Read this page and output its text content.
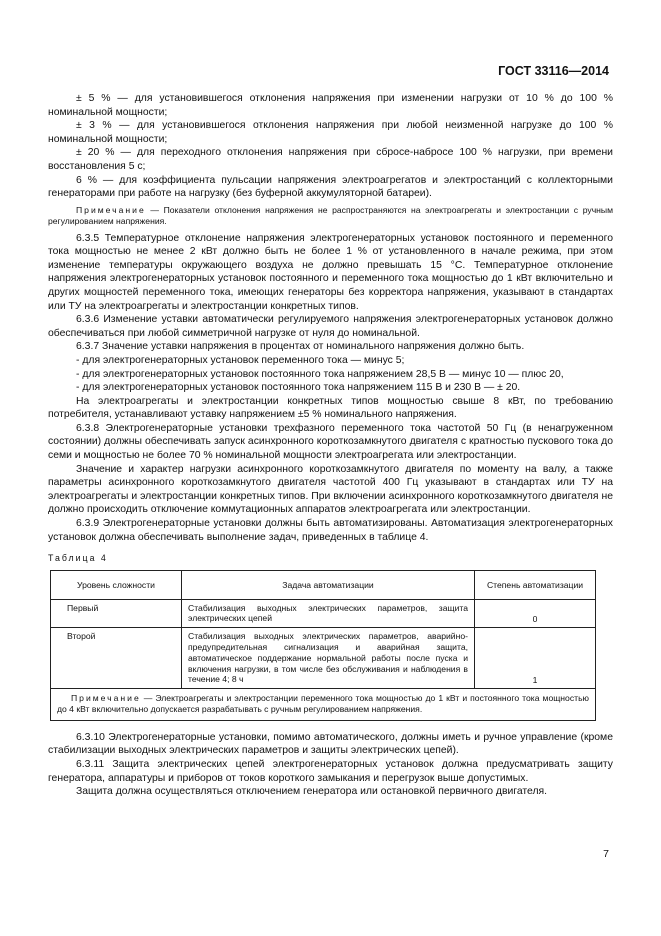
ГОСТ 33116—2014

± 5 % — для установившегося отклонения напряжения при изменении нагрузки от 10 % до 100 % номинальной мощности;

± 3 % — для установившегося отклонения напряжения при любой неизменной нагрузке до 100 % номинальной мощности;

± 20 % — для переходного отклонения напряжения при сбросе-набросе 100 % нагрузки, при времени восстановления 5 с;

6 % — для коэффициента пульсации напряжения электроагрегатов и электростанций с коллекторными генераторами при работе на нагрузку (без буферной аккумуляторной батареи).

Примечание — Показатели отклонения напряжения не распространяются на электроагрегаты и электростанции с ручным регулированием напряжения.

6.3.5 Температурное отклонение напряжения электрогенераторных установок постоянного и переменного тока мощностью не менее 2 кВт должно быть не более 1 % от установленного в начале режима, при этом изменение температуры окружающего воздуха не должно превышать 15 °С. Температурное отклонение напряжения электрогенераторных установок постоянного и переменного тока мощностью до 1 кВт включительно и других мощностей переменного тока, имеющих генераторы без корректора напряжения, указывают в стандартах или ТУ на электроагрегаты и электростанции конкретных типов.

6.3.6 Изменение уставки автоматически регулируемого напряжения электрогенераторных установок должно обеспечиваться при любой симметричной нагрузке от нуля до номинальной.

6.3.7 Значение уставки напряжения в процентах от номинального напряжения должно быть.

- для электрогенераторных установок переменного тока — минус 5;

- для электрогенераторных установок постоянного тока напряжением 28,5 В — минус 10 — плюс 20,

- для электрогенераторных установок постоянного тока напряжением 115 В и 230 В — ± 20.

На электроагрегаты и электростанции конкретных типов мощностью свыше 8 кВт, по требованию потребителя, устанавливают уставку напряжением ±5 % номинального напряжения.

6.3.8 Электрогенераторные установки трехфазного переменного тока частотой 50 Гц (в ненагруженном состоянии) должны обеспечивать запуск асинхронного короткозамкнутого двигателя с кратностью пускового тока до семи и мощностью не более 70 % номинальной мощности электроагрегата или электростанции.

Значение и характер нагрузки асинхронного короткозамкнутого двигателя по моменту на валу, а также параметры асинхронного короткозамкнутого двигателя частотой 400 Гц указывают в стандартах или ТУ на электроагрегаты и электростанции конкретных типов. При включении асинхронного короткозамкнутого двигателя не должно происходить отключение коммутационных аппаратов электроагрегата или электростанции.

6.3.9 Электрогенераторные установки должны быть автоматизированы. Автоматизация электрогенераторных установок должна обеспечивать выполнение задач, приведенных в таблице 4.

Таблица 4
Уровень сложности	Задача автоматизации	Степень автоматизации
Первый	Стабилизация выходных электрических параметров, защита электрических цепей	0
Второй	Стабилизация выходных электрических параметров, аварийно-предупредительная сигнализация и аварийная защита, автоматическое поддержание нормальной работы после пуска и включения нагрузки, в том числе без обслуживания и наблюдения в течение 4; 8 ч	1
Примечание — Электроагрегаты и электростанции переменного тока мощностью до 1 кВт и постоянного тока мощностью до 4 кВт включительно допускается разрабатывать с ручным регулированием напряжения.		

6.3.10 Электрогенераторные установки, помимо автоматического, должны иметь и ручное управление (кроме стабилизации выходных электрических параметров и защиты электрических цепей).

6.3.11 Защита электрических цепей электрогенераторных установок должна предусматривать защиту генератора, аппаратуры и приборов от токов короткого замыкания и перегрузок выше допустимых.

Защита должна осуществляться отключением генератора или остановкой первичного двигателя.

7
